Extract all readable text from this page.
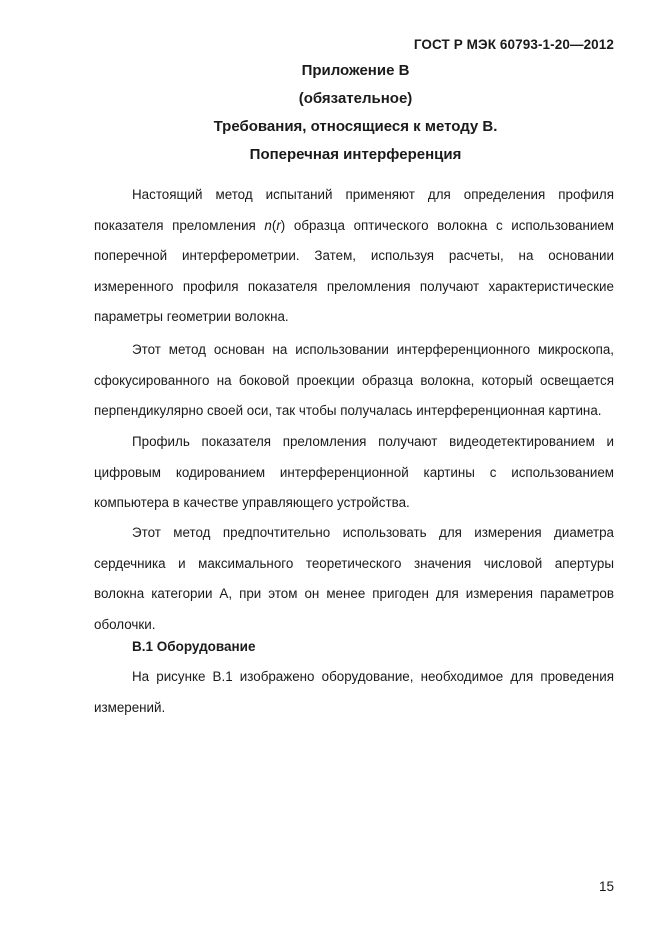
ГОСТ Р МЭК 60793-1-20—2012
Приложение В
(обязательное)
Требования, относящиеся к методу В.
Поперечная интерференция

Настоящий метод испытаний применяют для определения профиля показателя преломления n(r) образца оптического волокна с использованием поперечной интерферометрии. Затем, используя расчеты, на основании измеренного профиля показателя преломления получают характеристические параметры геометрии волокна.

Этот метод основан на использовании интерференционного микроскопа, сфокусированного на боковой проекции образца волокна, который освещается перпендикулярно своей оси, так чтобы получалась интерференционная картина.

Профиль показателя преломления получают видеодетектированием и цифровым кодированием интерференционной картины с использованием компьютера в качестве управляющего устройства.

Этот метод предпочтительно использовать для измерения диаметра сердечника и максимального теоретического значения числовой апертуры волокна категории А, при этом он менее пригоден для измерения параметров оболочки.

В.1 Оборудование

На рисунке В.1 изображено оборудование, необходимое для проведения измерений.

15
